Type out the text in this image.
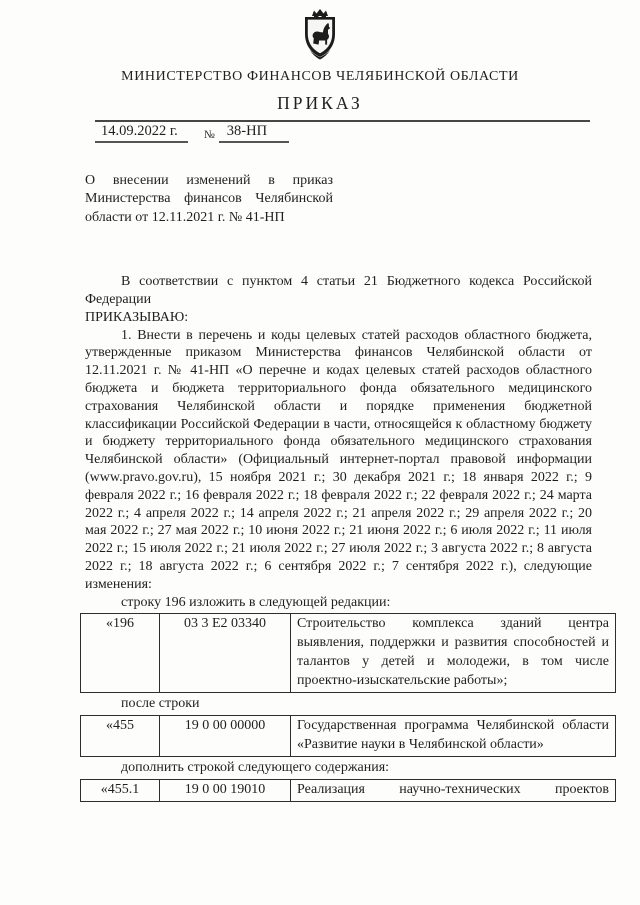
МИНИСТЕРСТВО ФИНАНСОВ ЧЕЛЯБИНСКОЙ ОБЛАСТИ
ПРИКАЗ
14.09.2022 г.	№ 38-НП
О внесении изменений в приказ Министерства финансов Челябинской области от 12.11.2021 г. № 41-НП

В соответствии с пунктом 4 статьи 21 Бюджетного кодекса Российской Федерации

ПРИКАЗЫВАЮ:

1. Внести в перечень и коды целевых статей расходов областного бюджета, утвержденные приказом Министерства финансов Челябинской области от 12.11.2021 г. № 41-НП «О перечне и кодах целевых статей расходов областного бюджета и бюджета территориального фонда обязательного медицинского страхования Челябинской области и порядке применения бюджетной классификации Российской Федерации в части, относящейся к областному бюджету и бюджету территориального фонда обязательного медицинского страхования Челябинской области» (Официальный интернет-портал правовой информации (www.pravo.gov.ru), 15 ноября 2021 г.; 30 декабря 2021 г.; 18 января 2022 г.; 9 февраля 2022 г.; 16 февраля 2022 г.; 18 февраля 2022 г.; 22 февраля 2022 г.; 24 марта 2022 г.; 4 апреля 2022 г.; 14 апреля 2022 г.; 21 апреля 2022 г.; 29 апреля 2022 г.; 20 мая 2022 г.; 27 мая 2022 г.; 10 июня 2022 г.; 21 июня 2022 г.; 6 июля 2022 г.; 11 июля 2022 г.; 15 июля 2022 г.; 21 июля 2022 г.; 27 июля 2022 г.; 3 августа 2022 г.; 8 августа 2022 г.; 18 августа 2022 г.; 6 сентября 2022 г.; 7 сентября 2022 г.), следующие изменения:

строку 196 изложить в следующей редакции:

«196	03 3 Е2 03340	Строительство комплекса зданий центра выявления, поддержки и развития способностей и талантов у детей и молодежи, в том числе проектно-изыскательские работы»;

после строки

«455	19 0 00 00000	Государственная программа Челябинской области «Развитие науки в Челябинской области»

дополнить строкой следующего содержания:

«455.1	19 0 00 19010	Реализация научно-технических проектов
